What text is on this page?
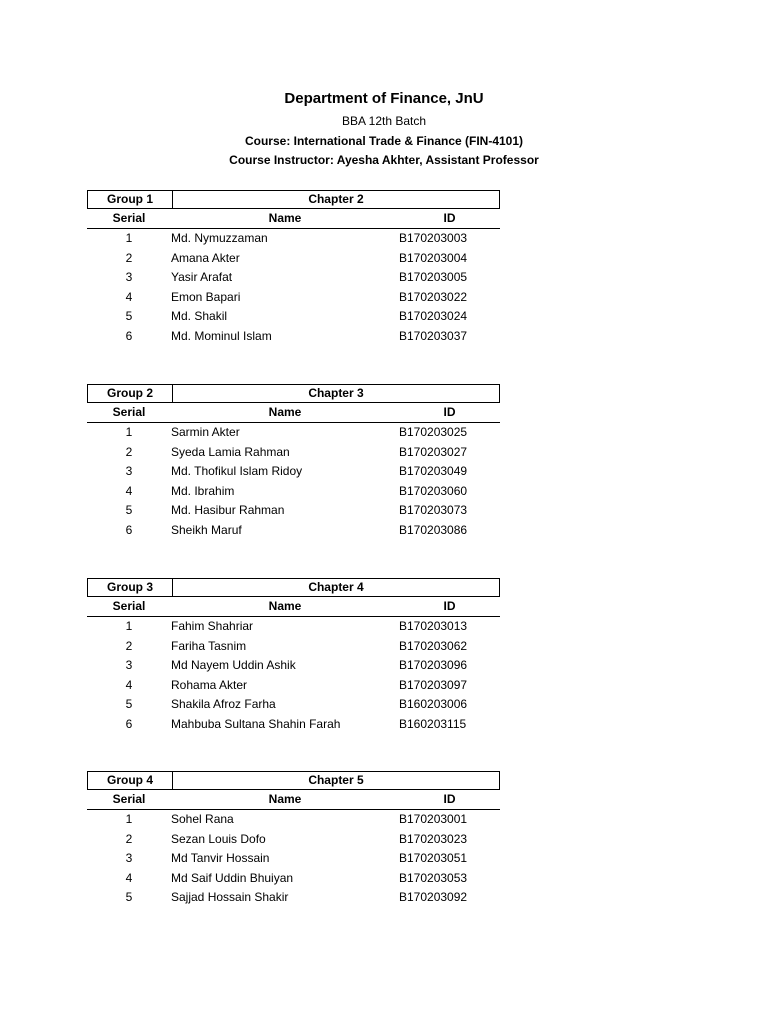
Department of Finance, JnU
BBA 12th Batch
Course: International Trade & Finance (FIN-4101)
Course Instructor: Ayesha Akhter, Assistant Professor
Group 1	Chapter 2
Serial	Name	ID
1	Md. Nymuzzaman	B170203003
2	Amana Akter	B170203004
3	Yasir Arafat	B170203005
4	Emon Bapari	B170203022
5	Md. Shakil	B170203024
6	Md. Mominul Islam	B170203037
Group 2	Chapter 3
Serial	Name	ID
1	Sarmin Akter	B170203025
2	Syeda Lamia Rahman	B170203027
3	Md. Thofikul Islam Ridoy	B170203049
4	Md. Ibrahim	B170203060
5	Md. Hasibur Rahman	B170203073
6	Sheikh Maruf	B170203086
Group 3	Chapter 4
Serial	Name	ID
1	Fahim Shahriar	B170203013
2	Fariha Tasnim	B170203062
3	Md Nayem Uddin Ashik	B170203096
4	Rohama Akter	B170203097
5	Shakila Afroz Farha	B160203006
6	Mahbuba Sultana Shahin Farah	B160203115
Group 4	Chapter 5
Serial	Name	ID
1	Sohel Rana	B170203001
2	Sezan Louis Dofo	B170203023
3	Md Tanvir Hossain	B170203051
4	Md Saif Uddin Bhuiyan	B170203053
5	Sajjad Hossain Shakir	B170203092
